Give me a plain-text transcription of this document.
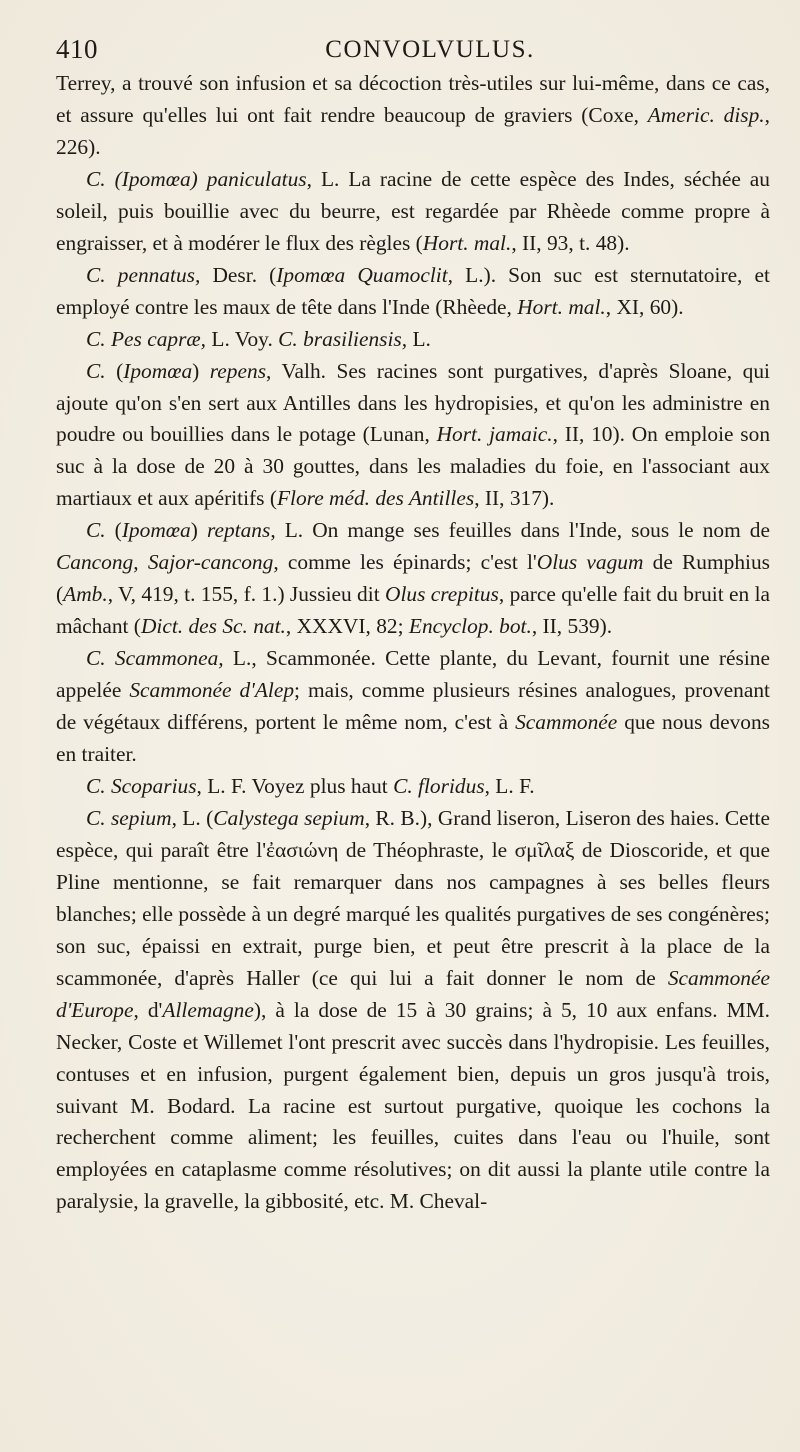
410	CONVOLVULUS.

Terrey, a trouvé son infusion et sa décoction très-utiles sur lui-même, dans ce cas, et assure qu'elles lui ont fait rendre beaucoup de graviers (Coxe, Americ. disp., 226).

C. (Ipomœa) paniculatus, L. La racine de cette espèce des Indes, séchée au soleil, puis bouillie avec du beurre, est regardée par Rhèede comme propre à engraisser, et à modérer le flux des règles (Hort. mal., II, 93, t. 48).

C. pennatus, Desr. (Ipomœa Quamoclit, L.). Son suc est sternutatoire, et employé contre les maux de tête dans l'Inde (Rhèede, Hort. mal., XI, 60).

C. Pes capræ, L. Voy. C. brasiliensis, L.

C. (Ipomœa) repens, Valh. Ses racines sont purgatives, d'après Sloane, qui ajoute qu'on s'en sert aux Antilles dans les hydropisies, et qu'on les administre en poudre ou bouillies dans le potage (Lunan, Hort. jamaic., II, 10). On emploie son suc à la dose de 20 à 30 gouttes, dans les maladies du foie, en l'associant aux martiaux et aux apéritifs (Flore méd. des Antilles, II, 317).

C. (Ipomœa) reptans, L. On mange ses feuilles dans l'Inde, sous le nom de Cancong, Sajor-cancong, comme les épinards; c'est l'Olus vagum de Rumphius (Amb., V, 419, t. 155, f. 1.) Jussieu dit Olus crepitus, parce qu'elle fait du bruit en la mâchant (Dict. des Sc. nat., XXXVI, 82; Encyclop. bot., II, 539).

C. Scammonea, L., Scammonée. Cette plante, du Levant, fournit une résine appelée Scammonée d'Alep; mais, comme plusieurs résines analogues, provenant de végétaux différens, portent le même nom, c'est à Scammonée que nous devons en traiter.

C. Scoparius, L. F. Voyez plus haut C. floridus, L. F.

C. sepium, L. (Calystega sepium, R. B.), Grand liseron, Liseron des haies. Cette espèce, qui paraît être l'ἐασιώνη de Théophraste, le σμῖλαξ de Dioscoride, et que Pline mentionne, se fait remarquer dans nos campagnes à ses belles fleurs blanches; elle possède à un degré marqué les qualités purgatives de ses congénères; son suc, épaissi en extrait, purge bien, et peut être prescrit à la place de la scammonée, d'après Haller (ce qui lui a fait donner le nom de Scammonée d'Europe, d'Allemagne), à la dose de 15 à 30 grains; à 5, 10 aux enfans. MM. Necker, Coste et Willemet l'ont prescrit avec succès dans l'hydropisie. Les feuilles, contuses et en infusion, purgent également bien, depuis un gros jusqu'à trois, suivant M. Bodard. La racine est surtout purgative, quoique les cochons la recherchent comme aliment; les feuilles, cuites dans l'eau ou l'huile, sont employées en cataplasme comme résolutives; on dit aussi la plante utile contre la paralysie, la gravelle, la gibbosité, etc. M. Cheval-
